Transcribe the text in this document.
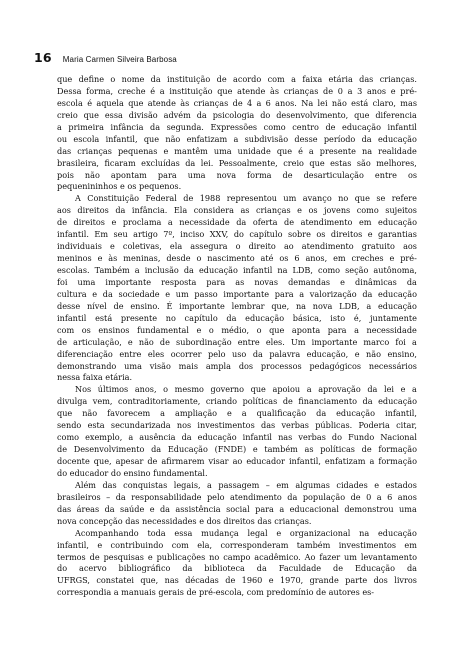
16 Maria Carmen Silveira Barbosa
que define o nome da instituição de acordo com a faixa etária das crianças.
Dessa forma, creche é a instituição que atende às crianças de 0 a 3 anos e pré-
escola é aquela que atende às crianças de 4 a 6 anos. Na lei não está claro, mas
creio que essa divisão advém da psicologia do desenvolvimento, que diferencia
a primeira infância da segunda. Expressões como centro de educação infantil
ou escola infantil, que não enfatizam a subdivisão desse período da educação
das crianças pequenas e mantêm uma unidade que é a presente na realidade
brasileira, ficaram excluídas da lei. Pessoalmente, creio que estas são melhores,
pois não apontam para uma nova forma de desarticulação entre os
pequenininhos e os pequenos.
A Constituição Federal de 1988 representou um avanço no que se refere
aos direitos da infância. Ela considera as crianças e os jovens como sujeitos
de direitos e proclama a necessidade da oferta de atendimento em educação
infantil. Em seu artigo 7º, inciso XXV, do capítulo sobre os direitos e garantias
individuais e coletivas, ela assegura o direito ao atendimento gratuito aos
meninos e às meninas, desde o nascimento até os 6 anos, em creches e pré-
escolas. Também a inclusão da educação infantil na LDB, como seção autônoma,
foi uma importante resposta para as novas demandas e dinâmicas da
cultura e da sociedade e um passo importante para a valorização da educação
desse nível de ensino. É importante lembrar que, na nova LDB, a educação
infantil está presente no capítulo da educação básica, isto é, juntamente
com os ensinos fundamental e o médio, o que aponta para a necessidade
de articulação, e não de subordinação entre eles. Um importante marco foi a
diferenciação entre eles ocorrer pelo uso da palavra educação, e não ensino,
demonstrando uma visão mais ampla dos processos pedagógicos necessários
nessa faixa etária.
Nos últimos anos, o mesmo governo que apoiou a aprovação da lei e a
divulga vem, contraditoriamente, criando políticas de financiamento da educação
que não favorecem a ampliação e a qualificação da educação infantil,
sendo esta secundarizada nos investimentos das verbas públicas. Poderia citar,
como exemplo, a ausência da educação infantil nas verbas do Fundo Nacional
de Desenvolvimento da Educação (FNDE) e também as políticas de formação
docente que, apesar de afirmarem visar ao educador infantil, enfatizam a formação
do educador do ensino fundamental.
Além das conquistas legais, a passagem – em algumas cidades e estados
brasileiros – da responsabilidade pelo atendimento da população de 0 a 6 anos
das áreas da saúde e da assistência social para a educacional demonstrou uma
nova concepção das necessidades e dos direitos das crianças.
Acompanhando toda essa mudança legal e organizacional na educação
infantil, e contribuindo com ela, corresponderam também investimentos em
termos de pesquisas e publicações no campo acadêmico. Ao fazer um levantamento
do acervo bibliográfico da biblioteca da Faculdade de Educação da
UFRGS, constatei que, nas décadas de 1960 e 1970, grande parte dos livros
correspondia a manuais gerais de pré-escola, com predomínio de autores es-
